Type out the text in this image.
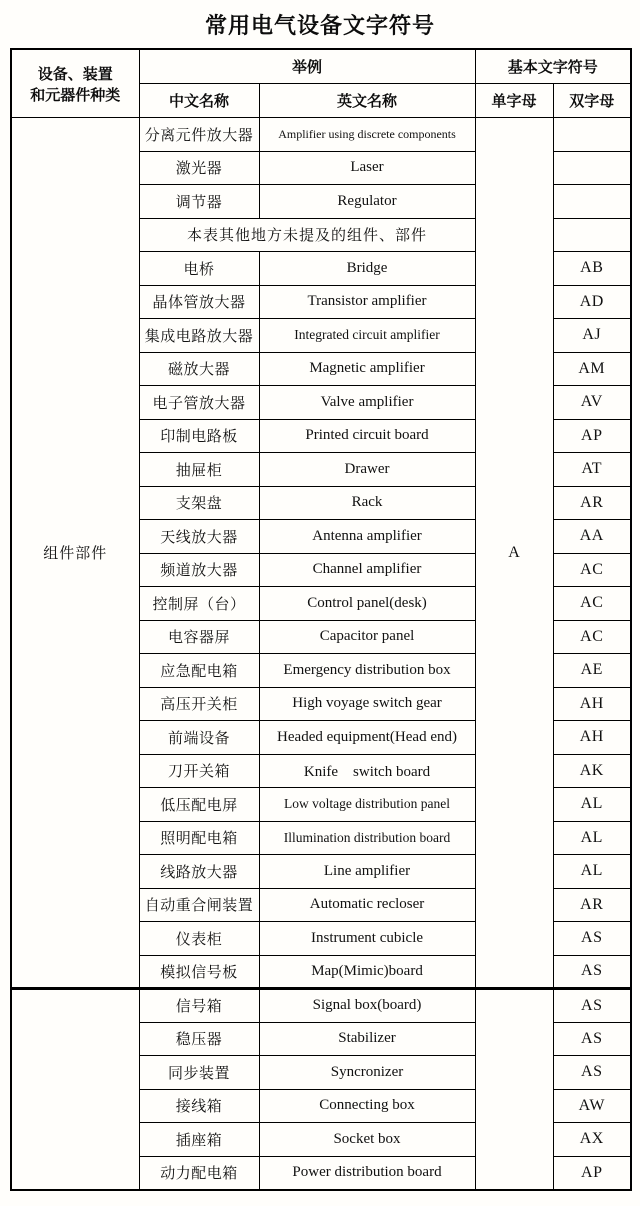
常用电气设备文字符号
设备、装置
和元器件种类	举例		基本文字符号	
	中文名称	英文名称	单字母	双字母
组件部件	分离元件放大器	Amplifier using discrete components	A	
	激光器	Laser		
	调节器	Regulator		
	本表其他地方未提及的组件、部件			
	电桥	Bridge		AB
	晶体管放大器	Transistor amplifier		AD
	集成电路放大器	Integrated circuit amplifier		AJ
	磁放大器	Magnetic amplifier		AM
	电子管放大器	Valve amplifier		AV
	印制电路板	Printed circuit board		AP
	抽屉柜	Drawer		AT
	支架盘	Rack		AR
	天线放大器	Antenna amplifier		AA
	频道放大器	Channel amplifier		AC
	控制屏（台）	Control panel(desk)		AC
	电容器屏	Capacitor panel		AC
	应急配电箱	Emergency distribution box		AE
	高压开关柜	High voyage switch gear		AH
	前端设备	Headed equipment(Head end)		AH
	刀开关箱	Knife　switch board		AK
	低压配电屏	Low voltage distribution panel		AL
	照明配电箱	Illumination distribution board		AL
	线路放大器	Line amplifier		AL
	自动重合闸装置	Automatic recloser		AR
	仪表柜	Instrument cubicle		AS
	模拟信号板	Map(Mimic)board		AS
	信号箱	Signal box(board)		AS
	稳压器	Stabilizer		AS
	同步装置	Syncronizer		AS
	接线箱	Connecting box		AW
	插座箱	Socket box		AX
	动力配电箱	Power distribution board		AP
